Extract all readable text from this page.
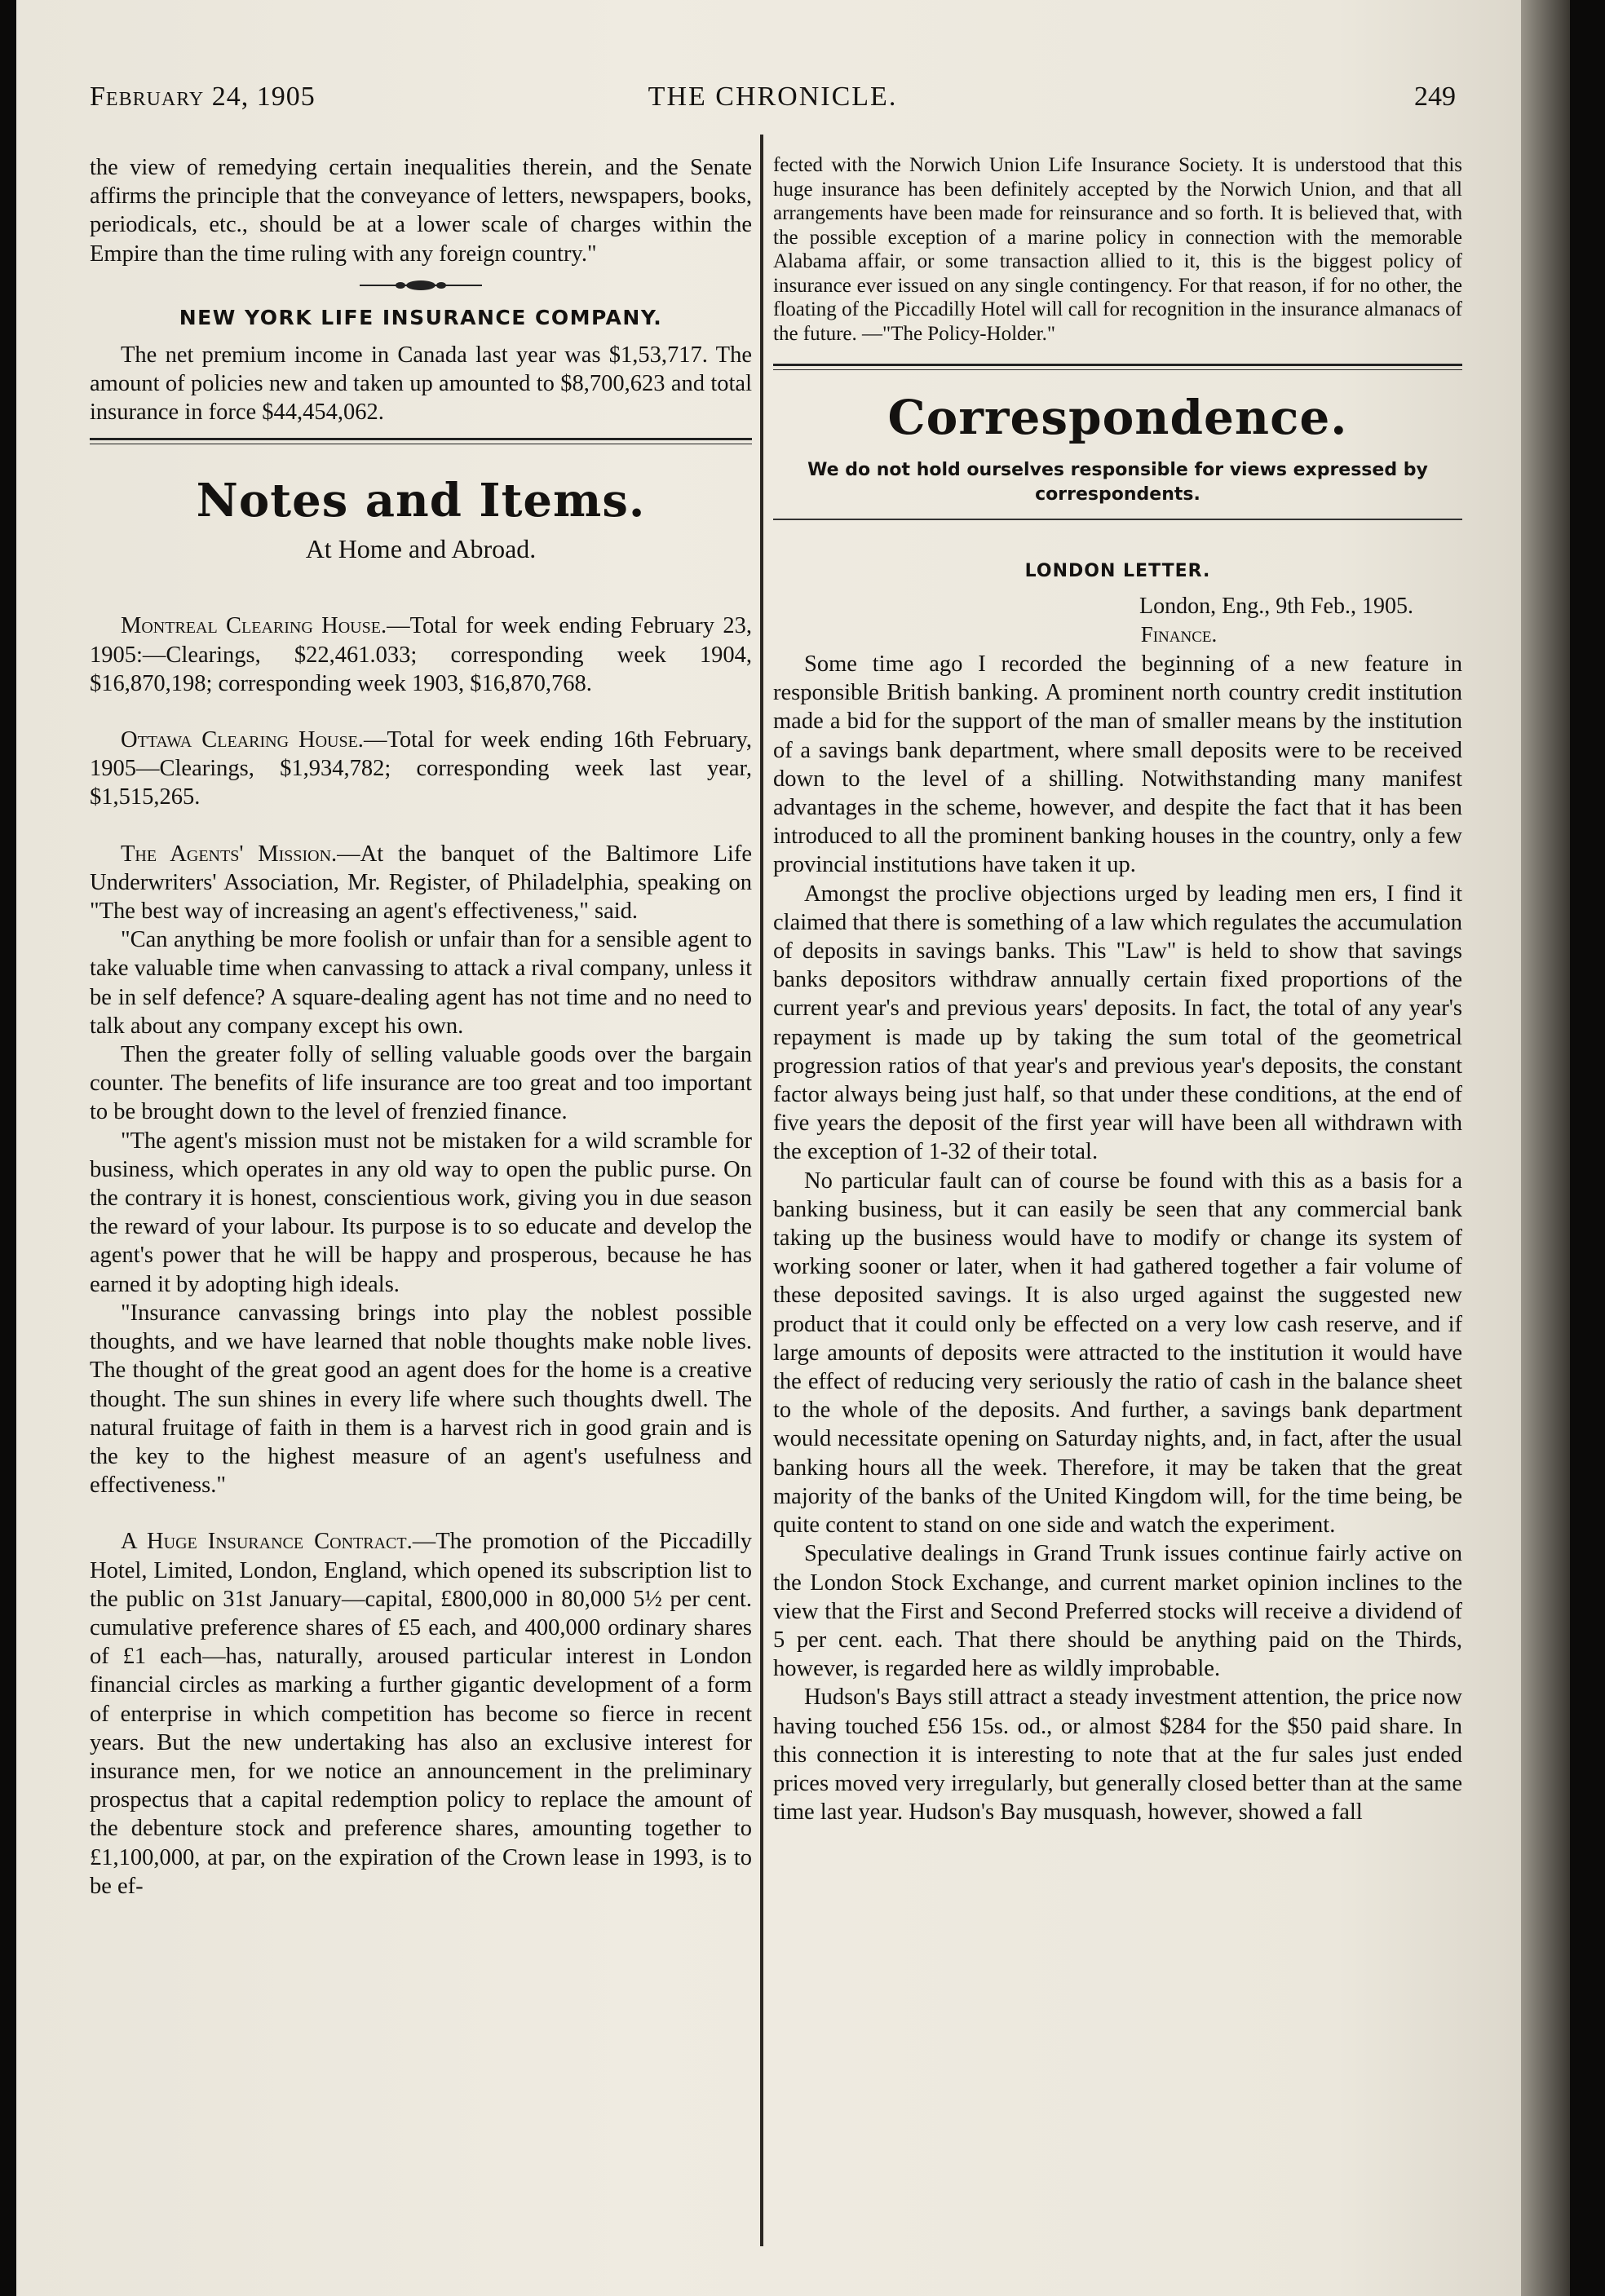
February 24, 1905	THE CHRONICLE.	249

the view of remedying certain inequalities therein, and the Senate affirms the principle that the conveyance of letters, newspapers, books, periodicals, etc., should be at a lower scale of charges within the Empire than the time ruling with any foreign country."

NEW YORK LIFE INSURANCE COMPANY.

The net premium income in Canada last year was $1,53,717. The amount of policies new and taken up amounted to $8,700,623 and total insurance in force $44,454,062.

Notes and Items.
At Home and Abroad.

Montreal Clearing House.—Total for week ending February 23, 1905:—Clearings, $22,461.033; corresponding week 1904, $16,870,198; corresponding week 1903, $16,870,768.

Ottawa Clearing House.—Total for week ending 16th February, 1905—Clearings, $1,934,782; corresponding week last year, $1,515,265.

The Agents' Mission.—At the banquet of the Baltimore Life Underwriters' Association, Mr. Register, of Philadelphia, speaking on "The best way of increasing an agent's effectiveness," said.

"Can anything be more foolish or unfair than for a sensible agent to take valuable time when canvassing to attack a rival company, unless it be in self defence? A square-dealing agent has not time and no need to talk about any company except his own.

Then the greater folly of selling valuable goods over the bargain counter. The benefits of life insurance are too great and too important to be brought down to the level of frenzied finance.

"The agent's mission must not be mistaken for a wild scramble for business, which operates in any old way to open the public purse. On the contrary it is honest, conscientious work, giving you in due season the reward of your labour. Its purpose is to so educate and develop the agent's power that he will be happy and prosperous, because he has earned it by adopting high ideals.

"Insurance canvassing brings into play the noblest possible thoughts, and we have learned that noble thoughts make noble lives. The thought of the great good an agent does for the home is a creative thought. The sun shines in every life where such thoughts dwell. The natural fruitage of faith in them is a harvest rich in good grain and is the key to the highest measure of an agent's usefulness and effectiveness."

A Huge Insurance Contract.—The promotion of the Piccadilly Hotel, Limited, London, England, which opened its subscription list to the public on 31st January—capital, £800,000 in 80,000 5½ per cent. cumulative preference shares of £5 each, and 400,000 ordinary shares of £1 each—has, naturally, aroused particular interest in London financial circles as marking a further gigantic development of a form of enterprise in which competition has become so fierce in recent years. But the new undertaking has also an exclusive interest for insurance men, for we notice an announcement in the preliminary prospectus that a capital redemption policy to replace the amount of the debenture stock and preference shares, amounting together to £1,100,000, at par, on the expiration of the Crown lease in 1993, is to be ef-

fected with the Norwich Union Life Insurance Society. It is understood that this huge insurance has been definitely accepted by the Norwich Union, and that all arrangements have been made for reinsurance and so forth. It is believed that, with the possible exception of a marine policy in connection with the memorable Alabama affair, or some transaction allied to it, this is the biggest policy of insurance ever issued on any single contingency. For that reason, if for no other, the floating of the Piccadilly Hotel will call for recognition in the insurance almanacs of the future. —"The Policy-Holder."

Correspondence.
We do not hold ourselves responsible for views expressed by correspondents.
LONDON LETTER.
London, Eng., 9th Feb., 1905.
Finance.

Some time ago I recorded the beginning of a new feature in responsible British banking. A prominent north country credit institution made a bid for the support of the man of smaller means by the institution of a savings bank department, where small deposits were to be received down to the level of a shilling. Notwithstanding many manifest advantages in the scheme, however, and despite the fact that it has been introduced to all the prominent banking houses in the country, only a few provincial institutions have taken it up.

Amongst the proclive objections urged by leading men ers, I find it claimed that there is something of a law which regulates the accumulation of deposits in savings banks. This "Law" is held to show that savings banks depositors withdraw annually certain fixed proportions of the current year's and previous years' deposits. In fact, the total of any year's repayment is made up by taking the sum total of the geometrical progression ratios of that year's and previous year's deposits, the constant factor always being just half, so that under these conditions, at the end of five years the deposit of the first year will have been all withdrawn with the exception of 1-32 of their total.

No particular fault can of course be found with this as a basis for a banking business, but it can easily be seen that any commercial bank taking up the business would have to modify or change its system of working sooner or later, when it had gathered together a fair volume of these deposited savings. It is also urged against the suggested new product that it could only be effected on a very low cash reserve, and if large amounts of deposits were attracted to the institution it would have the effect of reducing very seriously the ratio of cash in the balance sheet to the whole of the deposits. And further, a savings bank department would necessitate opening on Saturday nights, and, in fact, after the usual banking hours all the week. Therefore, it may be taken that the great majority of the banks of the United Kingdom will, for the time being, be quite content to stand on one side and watch the experiment.

Speculative dealings in Grand Trunk issues continue fairly active on the London Stock Exchange, and current market opinion inclines to the view that the First and Second Preferred stocks will receive a dividend of 5 per cent. each. That there should be anything paid on the Thirds, however, is regarded here as wildly improbable.

Hudson's Bays still attract a steady investment attention, the price now having touched £56 15s. od., or almost $284 for the $50 paid share. In this connection it is interesting to note that at the fur sales just ended prices moved very irregularly, but generally closed better than at the same time last year. Hudson's Bay musquash, however, showed a fall
